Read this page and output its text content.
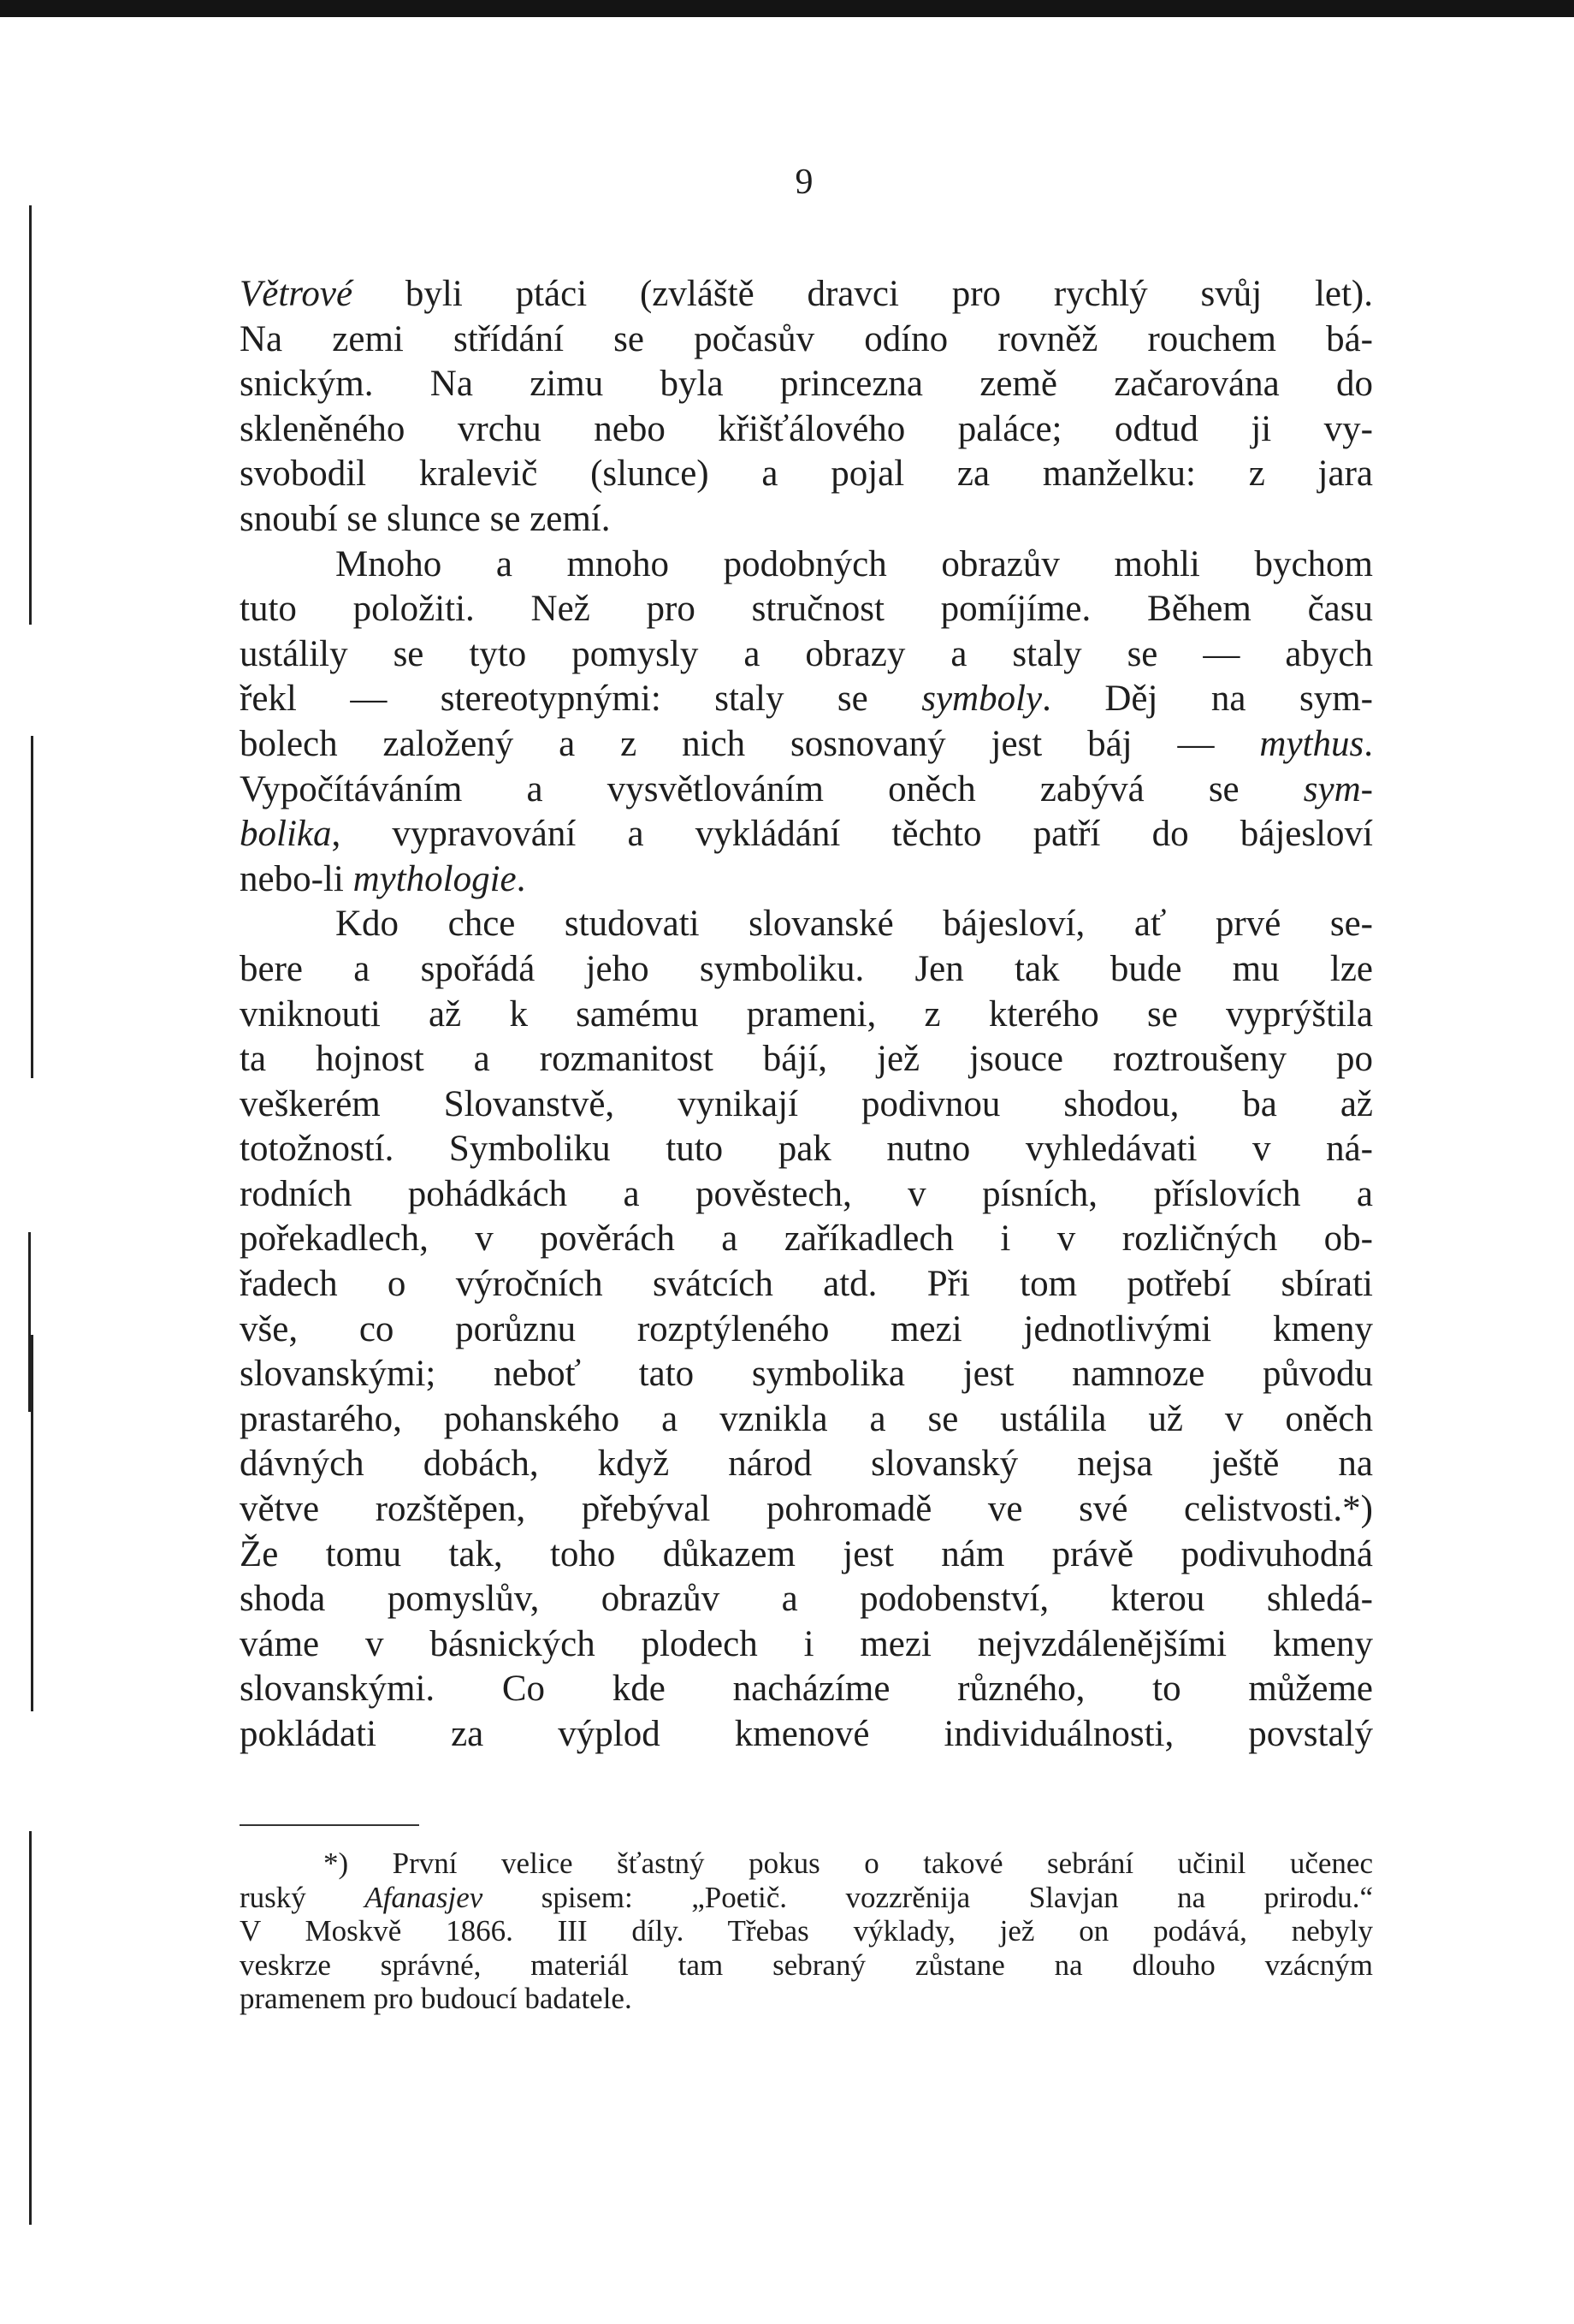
9
Větrové byli ptáci (zvláště dravci pro rychlý svůj let).
Na zemi střídání se počasův odíno rovněž rouchem bá-
snickým. Na zimu byla princezna země začarována do
skleněného vrchu nebo křišťálového paláce; odtud ji vy-
svobodil kralevič (slunce) a pojal za manželku: z jara
snoubí se slunce se zemí.
Mnoho a mnoho podobných obrazův mohli bychom
tuto položiti. Než pro stručnost pomíjíme. Během času
ustálily se tyto pomysly a obrazy a staly se — abych
řekl — stereotypnými: staly se symboly. Děj na sym-
bolech založený a z nich sosnovaný jest báj — mythus.
Vypočítáváním a vysvětlováním oněch zabývá se sym-
bolika, vypravování a vykládání těchto patří do bájesloví
nebo-li mythologie.
Kdo chce studovati slovanské bájesloví, ať prvé se-
bere a spořádá jeho symboliku. Jen tak bude mu lze
vniknouti až k samému prameni, z kterého se vyprýštila
ta hojnost a rozmanitost bájí, jež jsouce roztroušeny po
veškerém Slovanstvě, vynikají podivnou shodou, ba až
totožností. Symboliku tuto pak nutno vyhledávati v ná-
rodních pohádkách a pověstech, v písních, příslovích a
pořekadlech, v pověrách a zaříkadlech i v rozličných ob-
řadech o výročních svátcích atd. Při tom potřebí sbírati
vše, co porůznu rozptýleného mezi jednotlivými kmeny
slovanskými; neboť tato symbolika jest namnoze původu
prastarého, pohanského a vznikla a se ustálila už v oněch
dávných dobách, když národ slovanský nejsa ještě na
větve rozštěpen, přebýval pohromadě ve své celistvosti.*)
Že tomu tak, toho důkazem jest nám právě podivuhodná
shoda pomyslův, obrazův a podobenství, kterou shledá-
váme v básnických plodech i mezi nejvzdálenějšími kmeny
slovanskými. Co kde nacházíme různého, to můžeme
pokládati za výplod kmenové individuálnosti, povstalý
*) První velice šťastný pokus o takové sebrání učinil učenec
ruský Afanasjev spisem: „Poetič. vozzrěnija Slavjan na prirodu.“
V Moskvě 1866. III díly. Třebas výklady, jež on podává, nebyly
veskrze správné, materiál tam sebraný zůstane na dlouho vzácným
pramenem pro budoucí badatele.
